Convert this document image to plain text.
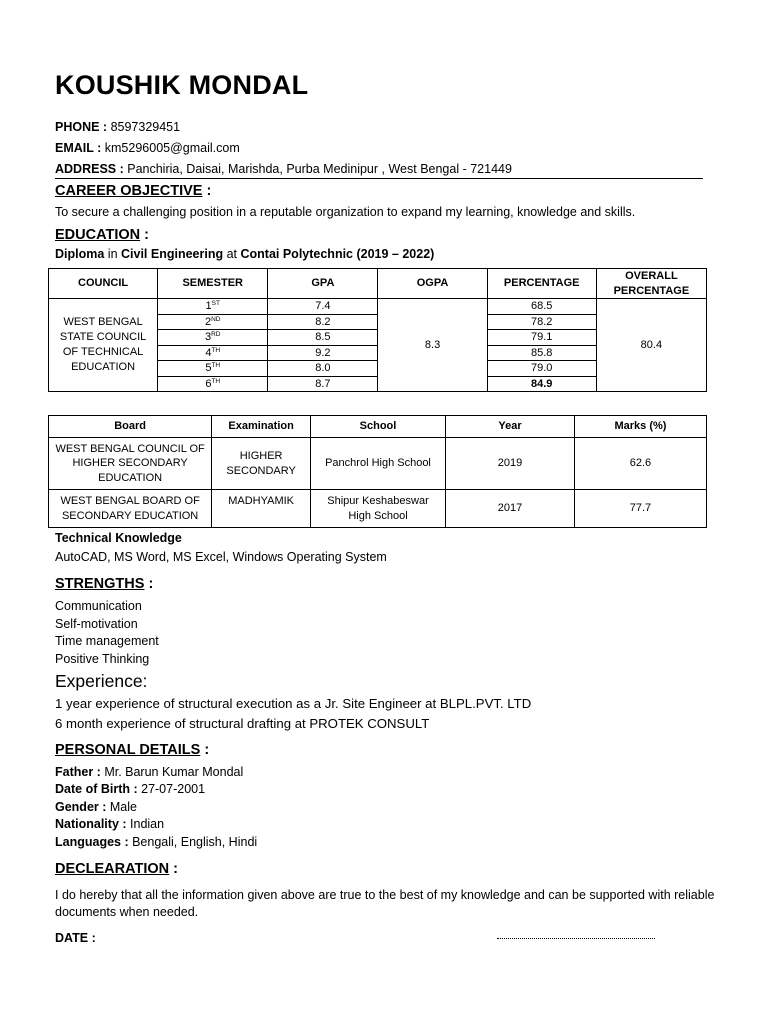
KOUSHIK MONDAL
PHONE : 8597329451
EMAIL : km5296005@gmail.com
ADDRESS : Panchiria, Daisai, Marishda, Purba Medinipur , West Bengal - 721449
CAREER OBJECTIVE :
To secure a challenging position in a reputable organization to expand my learning, knowledge and skills.
EDUCATION :
Diploma in Civil Engineering at Contai Polytechnic (2019 – 2022)
COUNCIL	SEMESTER	GPA	OGPA	PERCENTAGE	OVERALL PERCENTAGE
WEST BENGAL STATE COUNCIL OF TECHNICAL EDUCATION	1ST	7.4	8.3	68.5	80.4
	2ND	8.2		78.2	
	3RD	8.5		79.1	
	4TH	9.2		85.8	
	5TH	8.0		79.0	
	6TH	8.7		84.9	
Board	Examination	School	Year	Marks (%)
WEST BENGAL COUNCIL OF HIGHER SECONDARY EDUCATION	HIGHER SECONDARY	Panchrol High School	2019	62.6
WEST BENGAL BOARD OF SECONDARY EDUCATION	MADHYAMIK	Shipur Keshabeswar High School	2017	77.7
Technical Knowledge
AutoCAD, MS Word, MS Excel, Windows Operating System
STRENGTHS :
Communication
Self-motivation
Time management
Positive Thinking
Experience:
1 year experience of structural execution as a Jr. Site Engineer at BLPL.PVT. LTD
6 month experience of structural drafting at PROTEK CONSULT
PERSONAL DETAILS :
Father : Mr. Barun Kumar Mondal
Date of Birth : 27-07-2001
Gender : Male
Nationality : Indian
Languages : Bengali, English, Hindi
DECLEARATION :
I do hereby that all the information given above are true to the best of my knowledge and can be supported with reliable documents when needed.
DATE :
